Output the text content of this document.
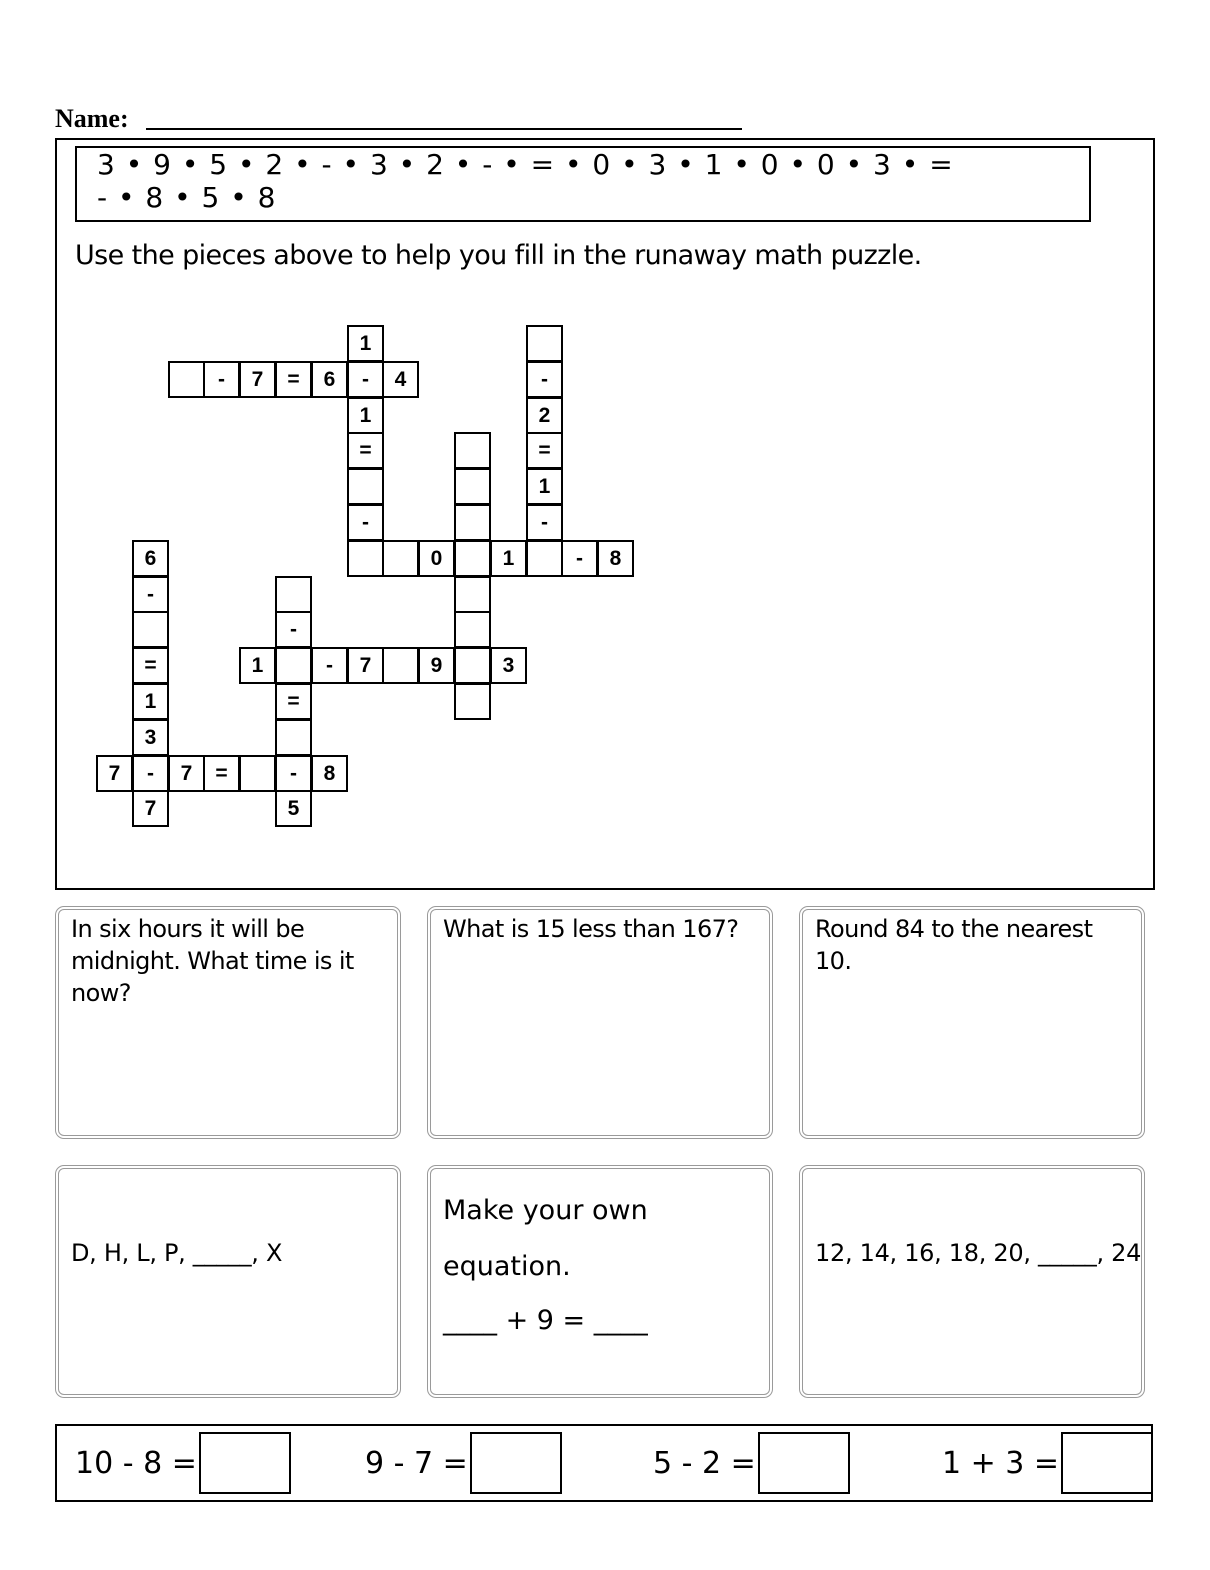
Name:
3 • 9 • 5 • 2 • - • 3 • 2 • - • = • 0 • 3 • 1 • 0 • 0 • 3 • =
- • 8 • 5 • 8
Use the pieces above to help you fill in the runaway math puzzle.
1
-	7	=	6	-	4	-
1	2
=	=
1
-	-
6	0	1	-	8
-
-
=	1	-	7	9	3
1	=
3
7	-	7	=	-	8
7	5
In six hours it will be midnight. What time is it now?
What is 15 less than 167?	Round 84 to the nearest 10.
D, H, L, P, _____, X
Make your own
equation.
____ + 9 = ____
12, 14, 16, 18, 20, _____, 24
10 - 8 =	9 - 7 =	5 - 2 =	1 + 3 =
